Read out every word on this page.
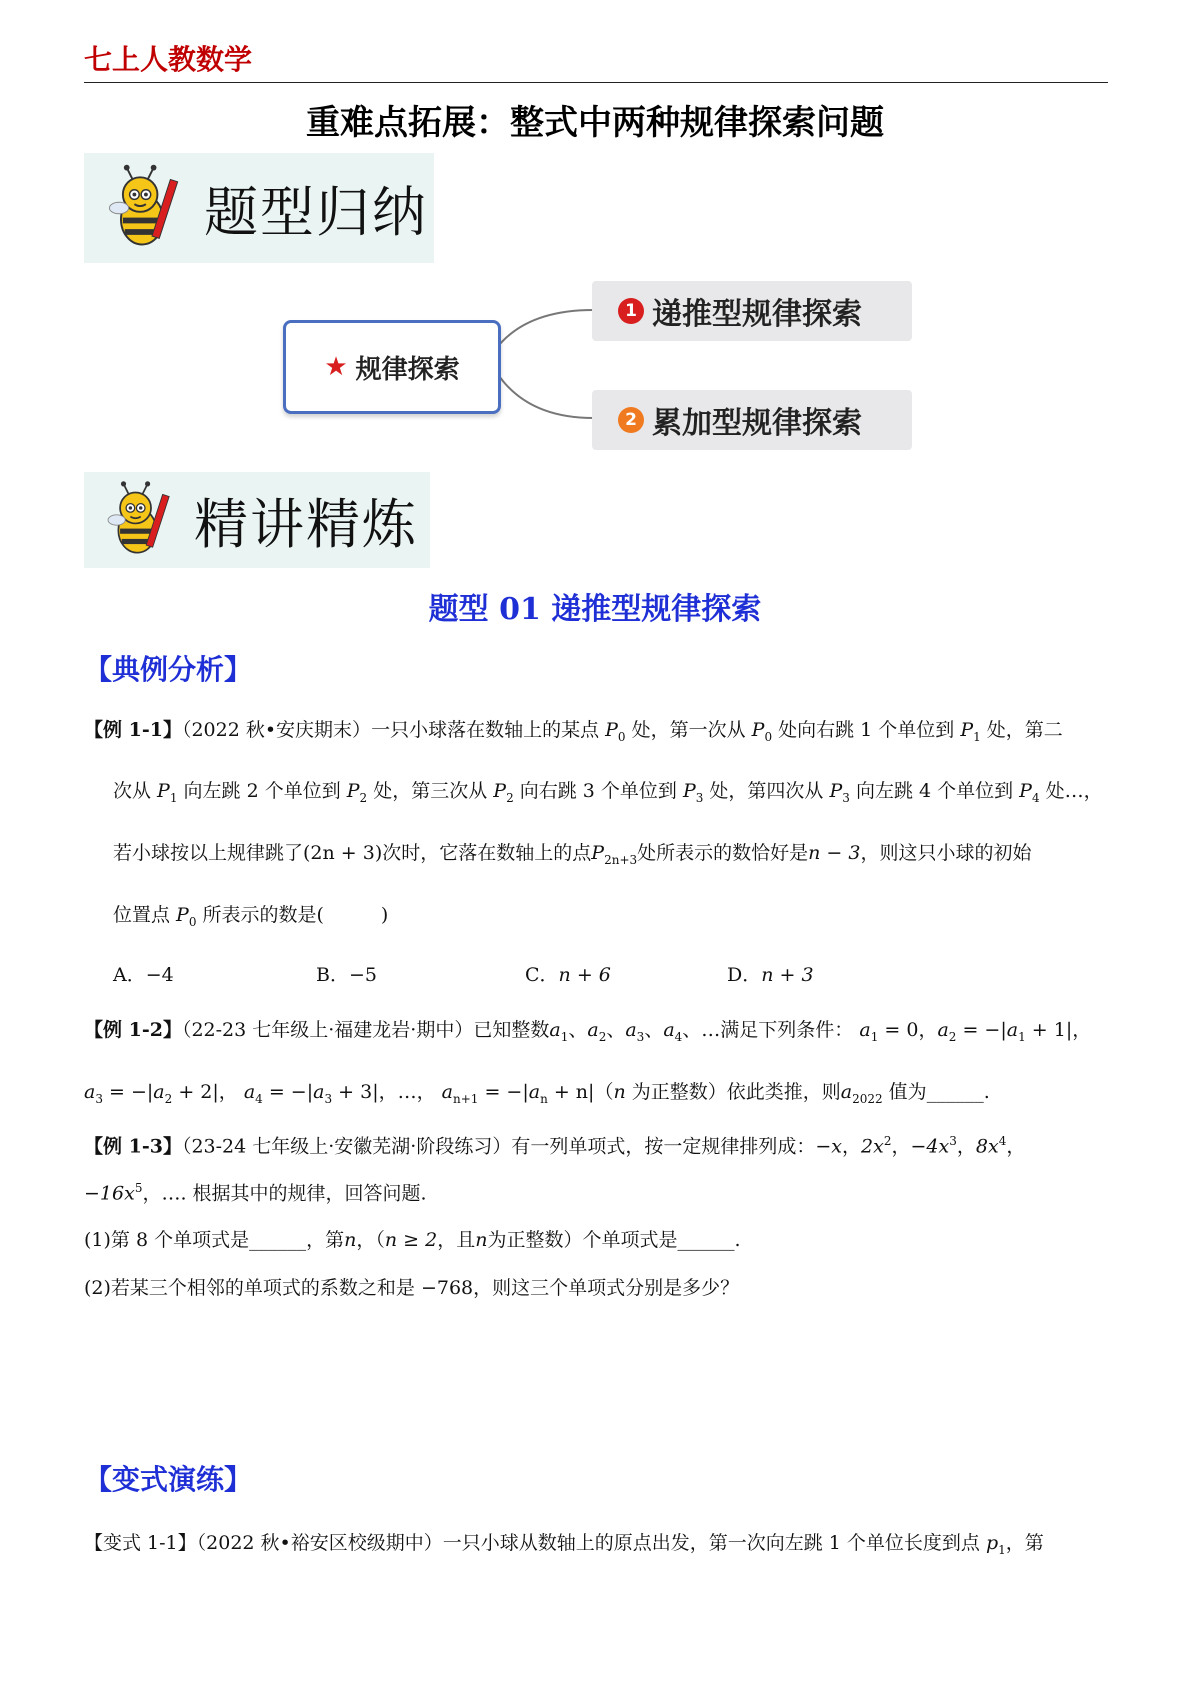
七上人教数学
重难点拓展：整式中两种规律探索问题
题型归纳
★ 规律探索
1 递推型规律探索
2 累加型规律探索
精讲精炼
题型 01 递推型规律探索
【典例分析】
【例 1-1】（2022 秋•安庆期末）一只小球落在数轴上的某点 $P_0$ 处，第一次从 $P_0$ 处向右跳 1 个单位到 $P_1$ 处，第二
次从 $P_1$ 向左跳 2 个单位到 $P_2$ 处，第三次从 $P_2$ 向右跳 3 个单位到 $P_3$ 处，第四次从 $P_3$ 向左跳 4 个单位到 $P_4$ 处…，
若小球按以上规律跳了(2n + 3)次时，它落在数轴上的点$P_{2n+3}$处所表示的数恰好是n − 3，则这只小球的初始
位置点 $P_0$ 所表示的数是(　　　)
A．−4	B．−5	C．n + 6	D．n + 3
【例 1-2】（22-23 七年级上·福建龙岩·期中）已知整数$a_1$、$a_2$、$a_3$、$a_4$、…满足下列条件： $a_1 = 0$，$a_2 = -|a_1 + 1|$，
$a_3 = -|a_2 + 2|$， $a_4 = -|a_3 + 3|$，…， $a_{n+1} = -|a_n + n|(n$ 为正整数）依此类推，则$a_{2022}$ 值为______.
【例 1-3】（23-24 七年级上·安徽芜湖·阶段练习）有一列单项式，按一定规律排列成：−x，$2x^2$，$-4x^3$，$8x^4$，
$-16x^5$，…. 根据其中的规律，回答问题.
(1)第 8 个单项式是______，第n，（n ≥ 2，且n为正整数）个单项式是______.
(2)若某三个相邻的单项式的系数之和是 −768，则这三个单项式分别是多少？
【变式演练】
【变式 1-1】（2022 秋•裕安区校级期中）一只小球从数轴上的原点出发，第一次向左跳 1 个单位长度到点 $p_1$，第
